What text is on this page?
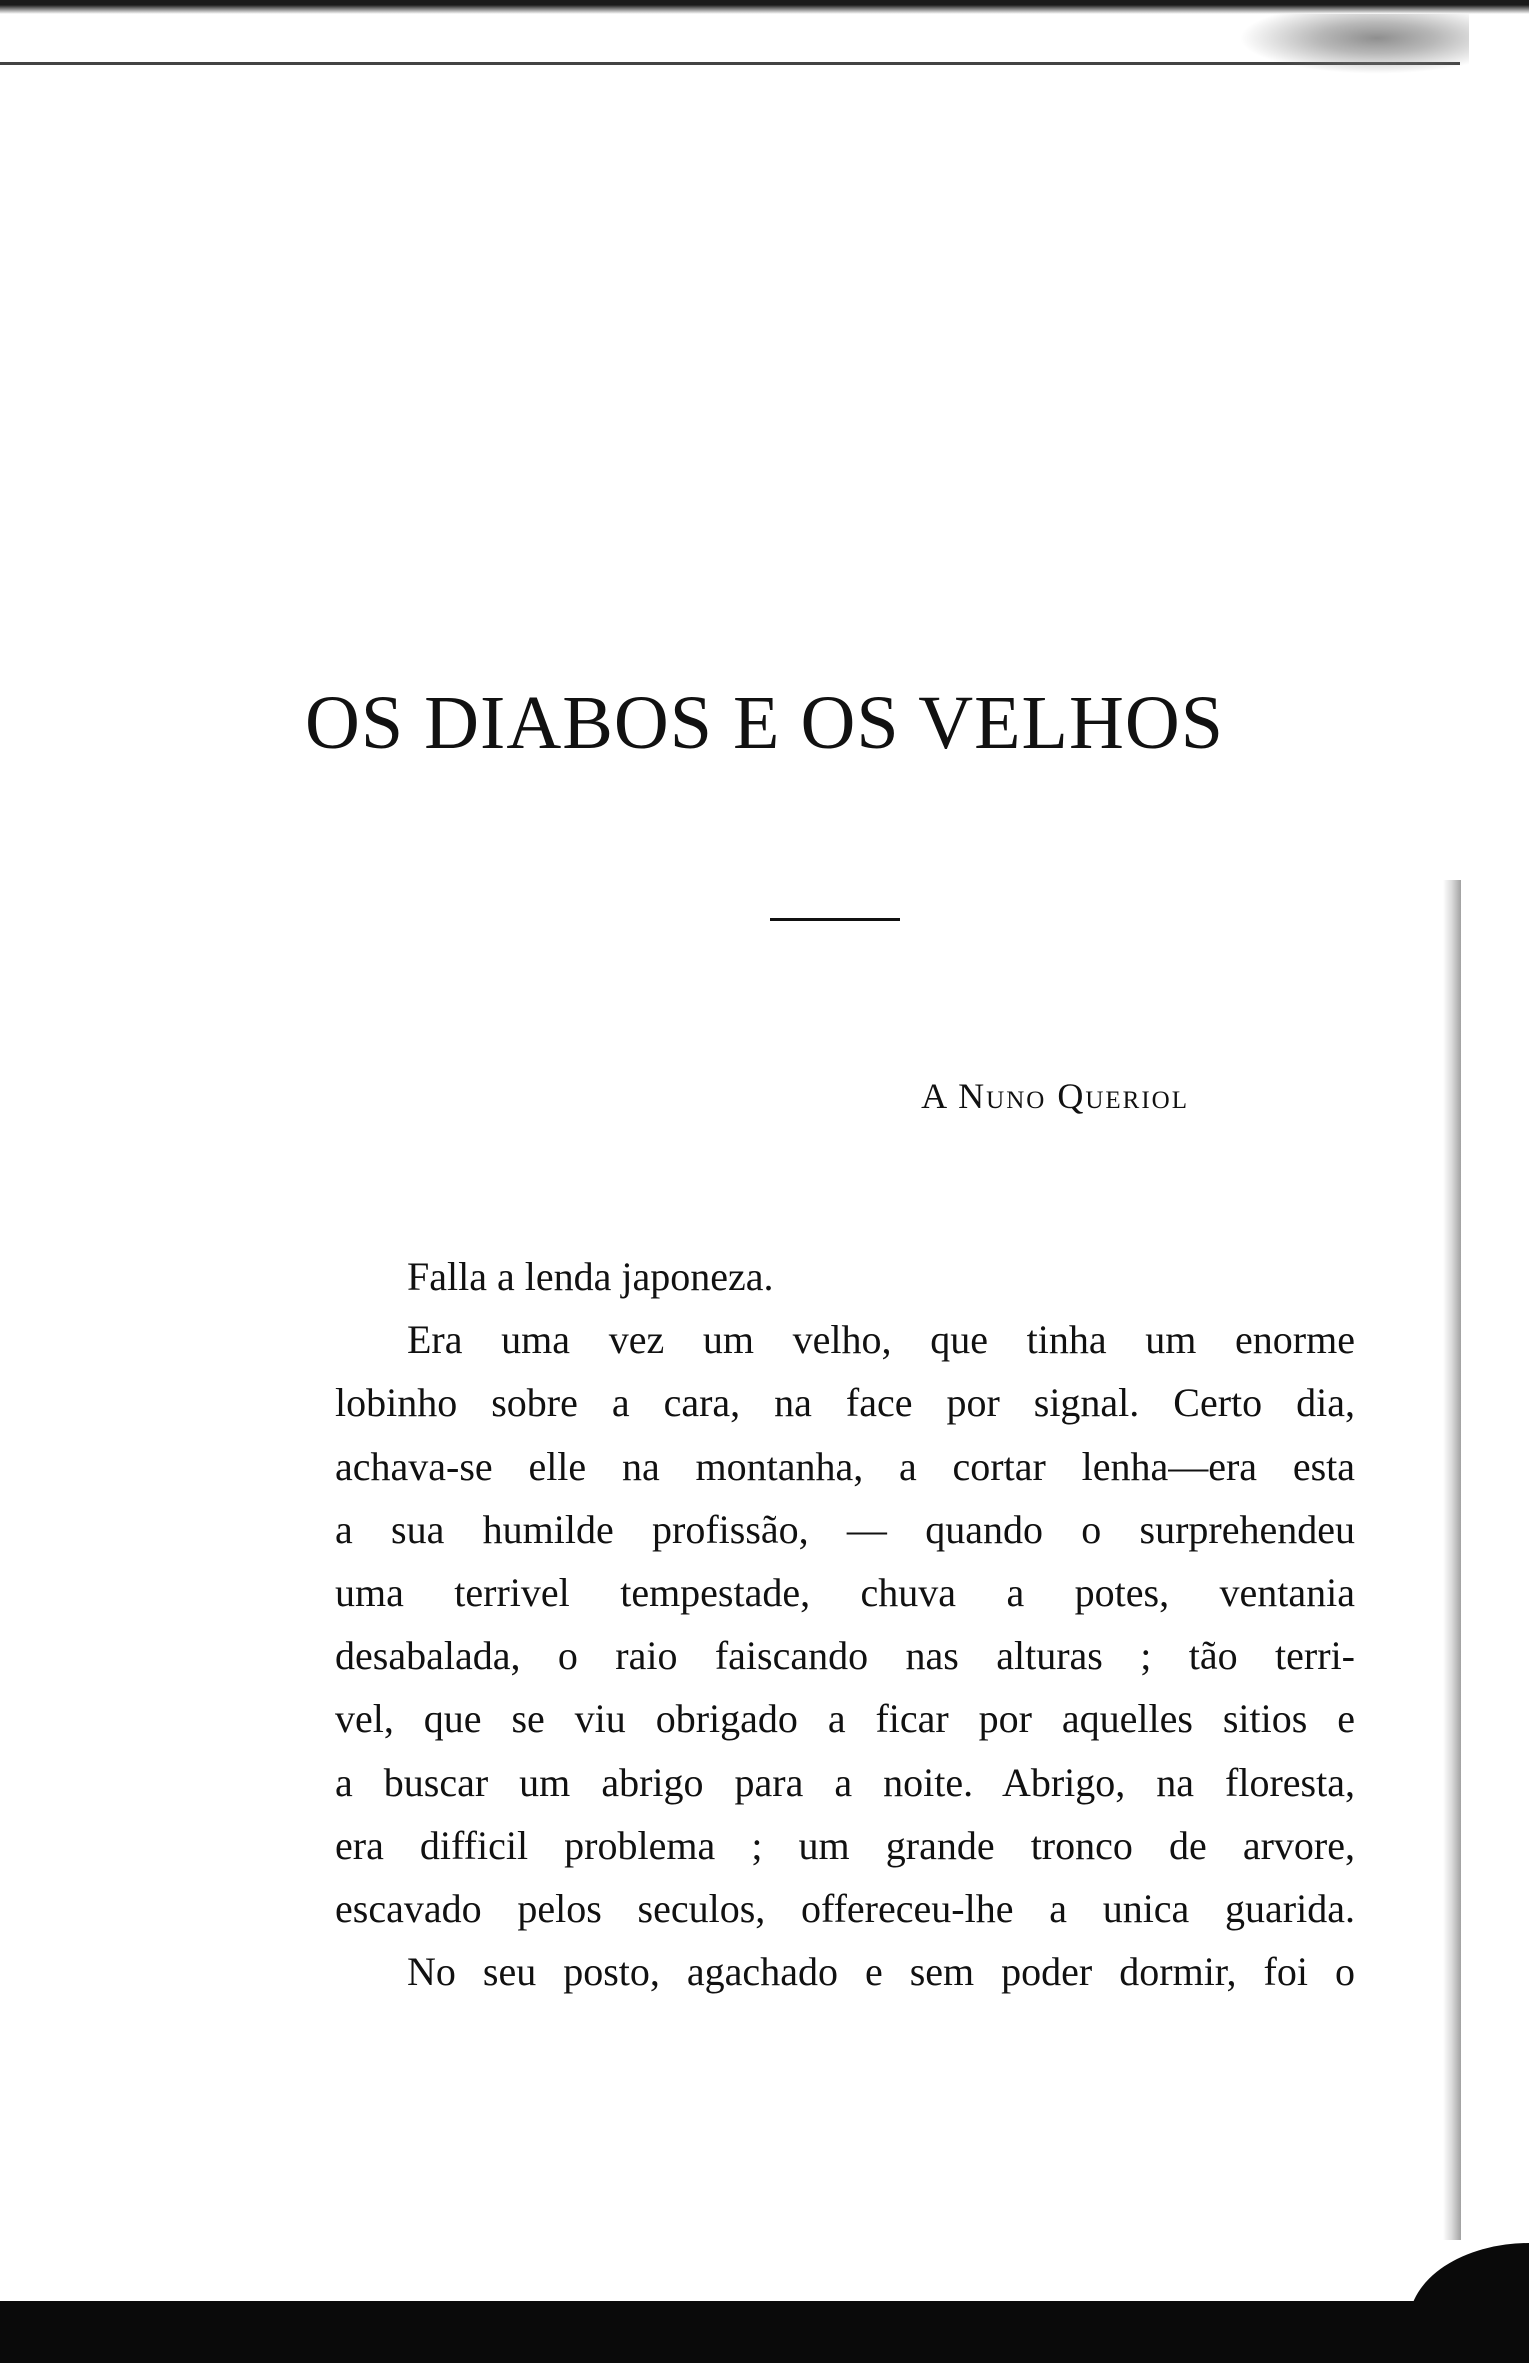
OS DIABOS E OS VELHOS

A Nuno Queriol

Falla a lenda japoneza.
Era uma vez um velho, que tinha um enorme
lobinho sobre a cara, na face por signal. Certo dia,
achava-se elle na montanha, a cortar lenha—era esta
a sua humilde profissão, — quando o surprehendeu
uma terrivel tempestade, chuva a potes, ventania
desabalada, o raio faiscando nas alturas ; tão terri-
vel, que se viu obrigado a ficar por aquelles sitios e
a buscar um abrigo para a noite. Abrigo, na floresta,
era difficil problema ; um grande tronco de arvore,
escavado pelos seculos, offereceu-lhe a unica guarida.
No seu posto, agachado e sem poder dormir, foi o
